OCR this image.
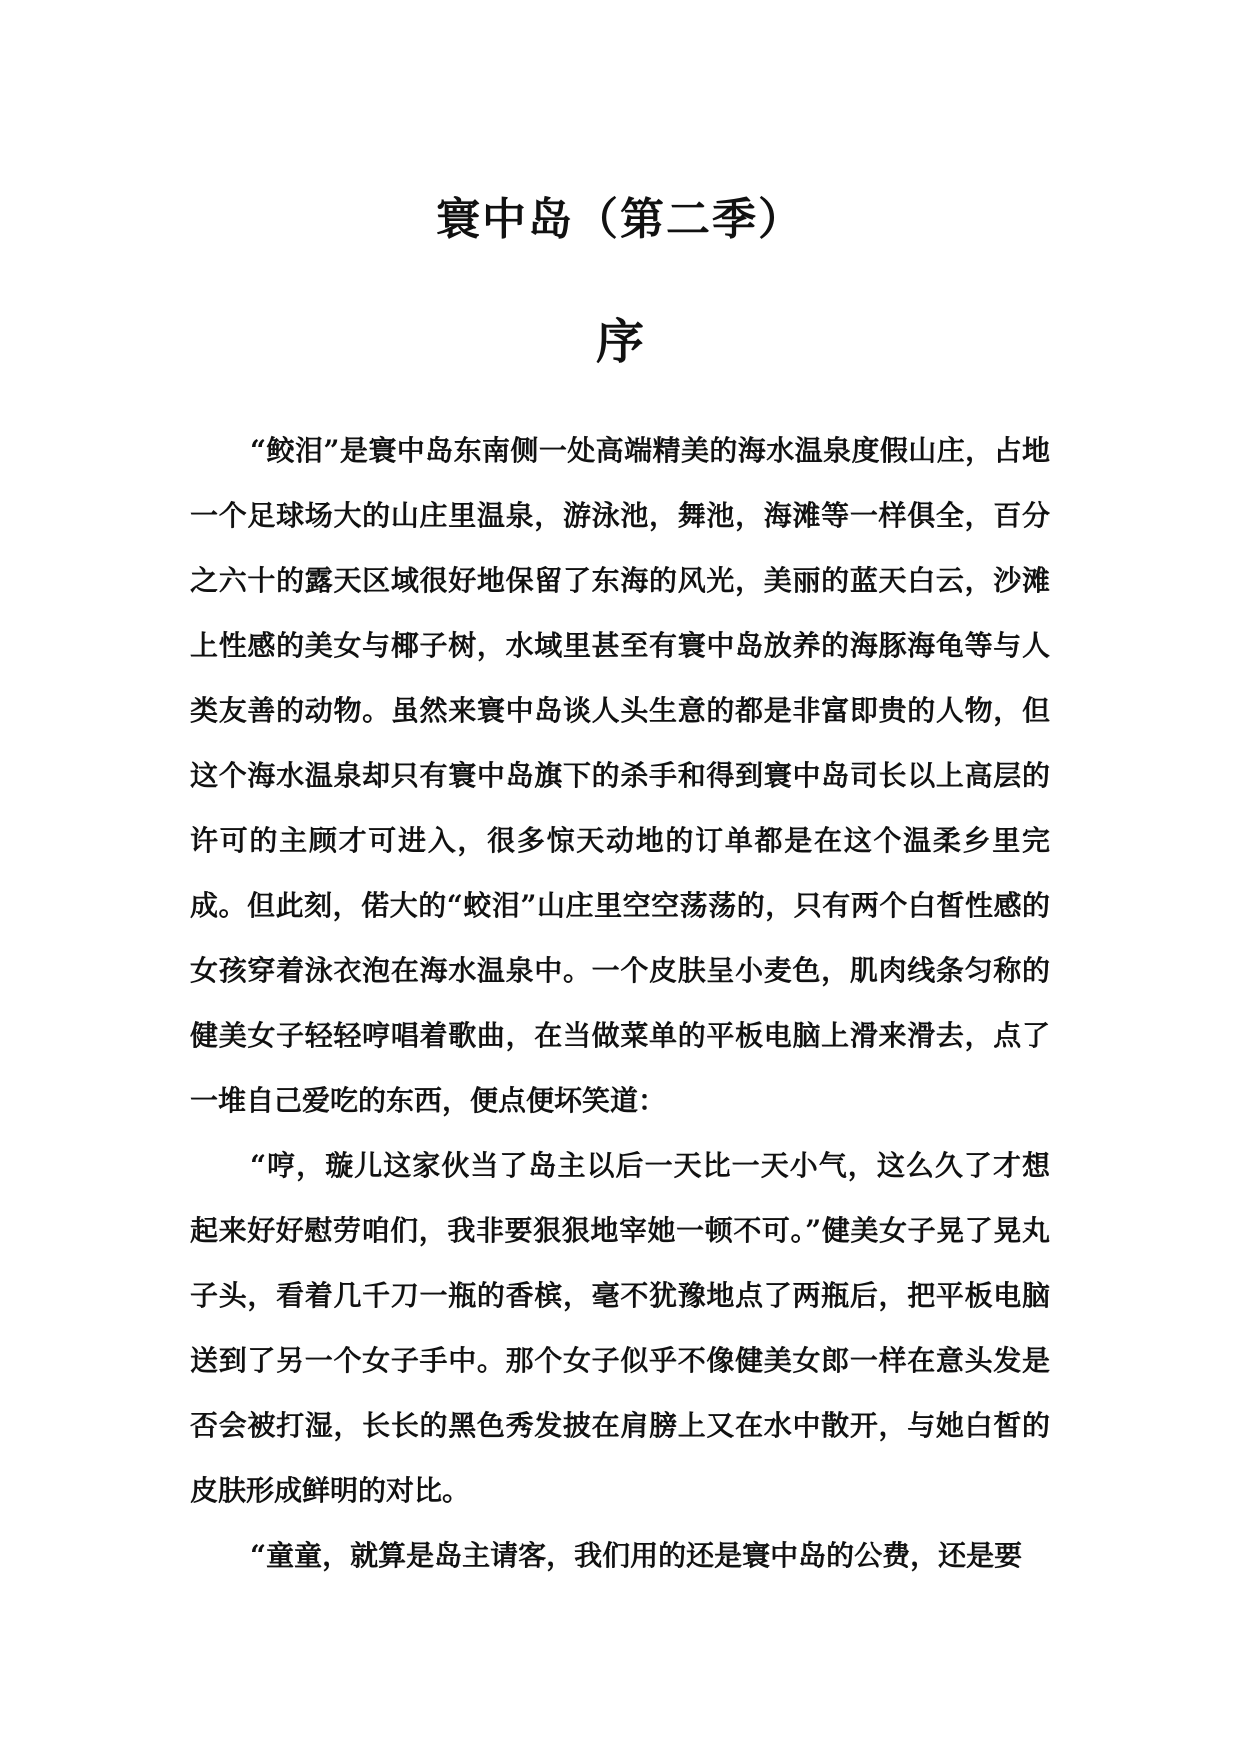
寰中岛（第二季）
序

“鲛泪”是寰中岛东南侧一处高端精美的海水温泉度假山庄，占地一个足球场大的山庄里温泉，游泳池，舞池，海滩等一样俱全，百分之六十的露天区域很好地保留了东海的风光，美丽的蓝天白云，沙滩上性感的美女与椰子树，水域里甚至有寰中岛放养的海豚海龟等与人类友善的动物。虽然来寰中岛谈人头生意的都是非富即贵的人物，但这个海水温泉却只有寰中岛旗下的杀手和得到寰中岛司长以上高层的许可的主顾才可进入，很多惊天动地的订单都是在这个温柔乡里完成。但此刻，偌大的“蛟泪”山庄里空空荡荡的，只有两个白皙性感的女孩穿着泳衣泡在海水温泉中。一个皮肤呈小麦色，肌肉线条匀称的健美女子轻轻哼唱着歌曲，在当做菜单的平板电脑上滑来滑去，点了一堆自己爱吃的东西，便点便坏笑道：

“哼，璇儿这家伙当了岛主以后一天比一天小气，这么久了才想起来好好慰劳咱们，我非要狠狠地宰她一顿不可。”健美女子晃了晃丸子头，看着几千刀一瓶的香槟，毫不犹豫地点了两瓶后，把平板电脑送到了另一个女子手中。那个女子似乎不像健美女郎一样在意头发是否会被打湿，长长的黑色秀发披在肩膀上又在水中散开，与她白皙的皮肤形成鲜明的对比。

“童童，就算是岛主请客，我们用的还是寰中岛的公费，还是要
